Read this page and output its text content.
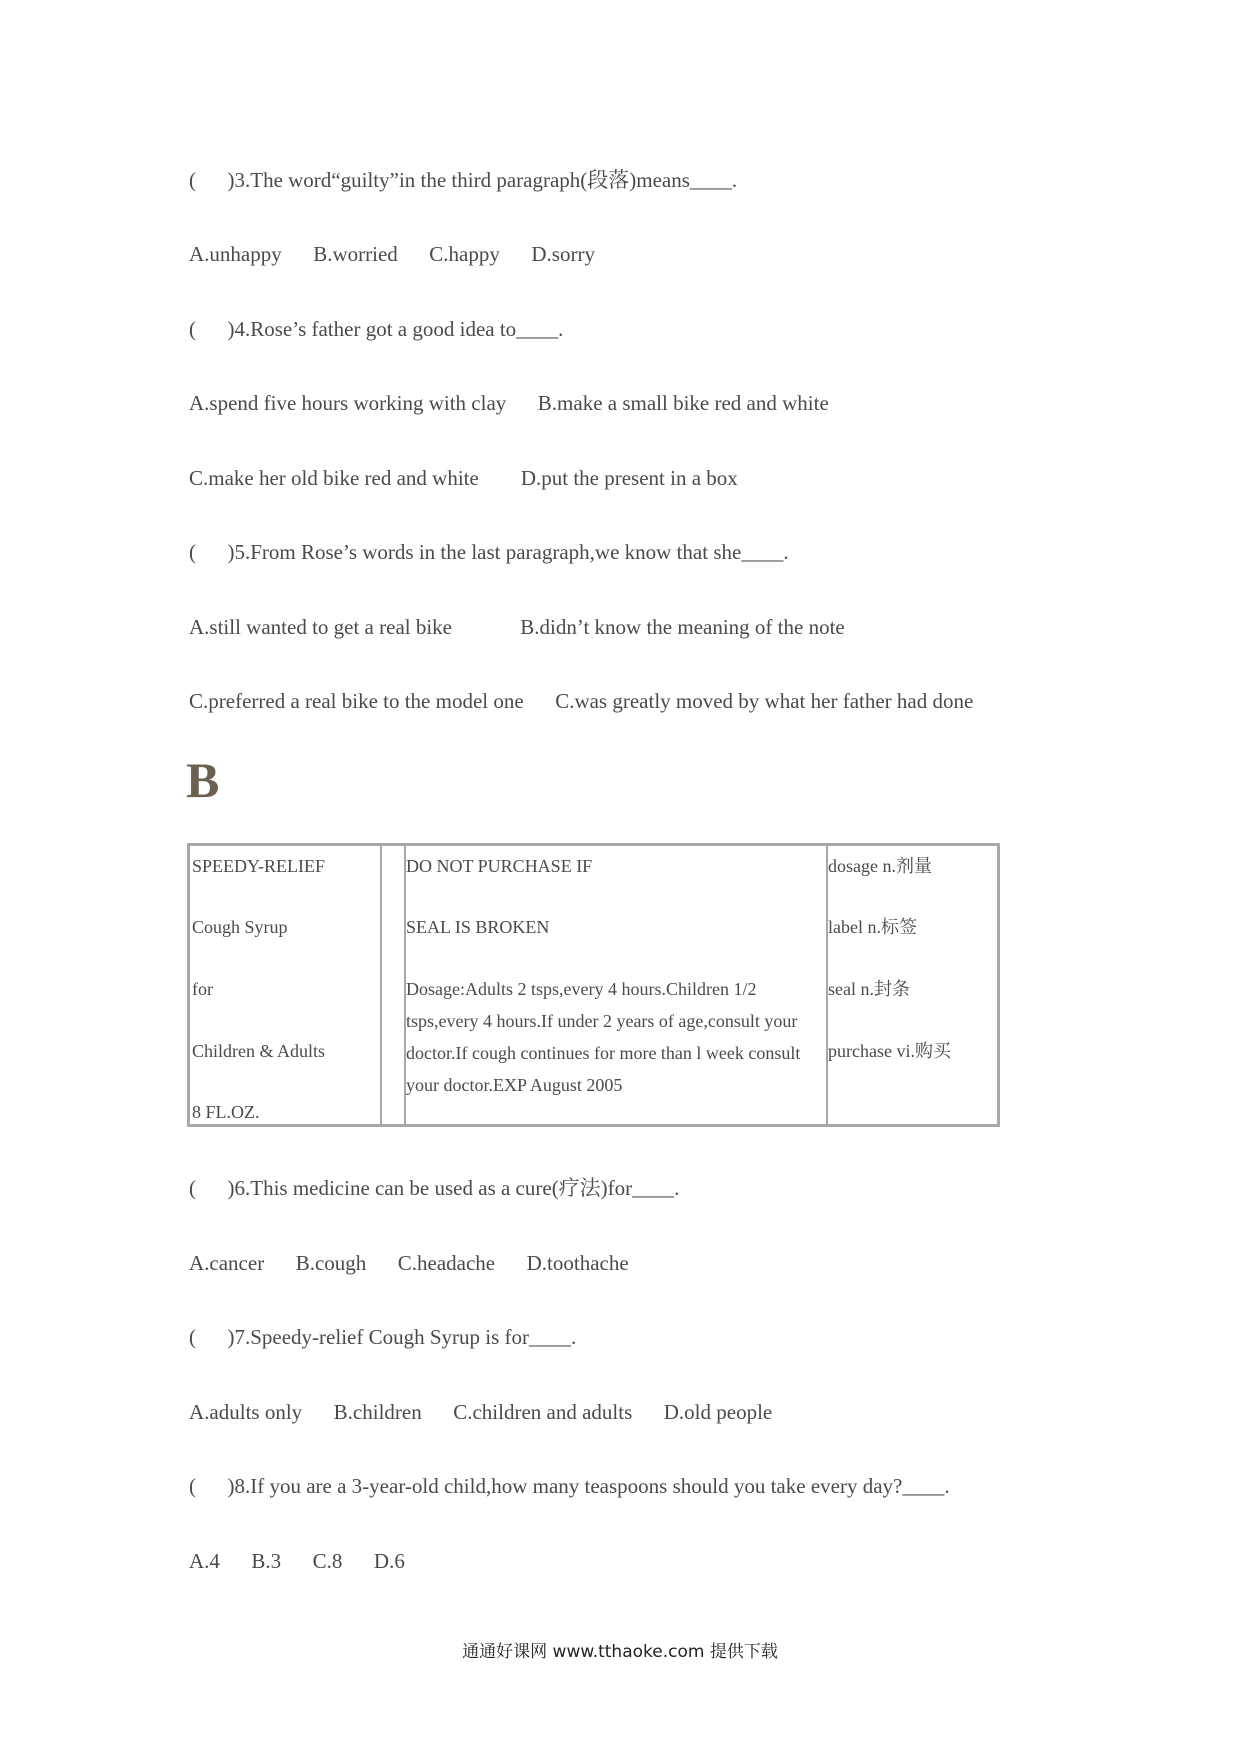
(      )3.The word“guilty”in the third paragraph(段落)means____.
A.unhappy      B.worried      C.happy      D.sorry
(      )4.Rose’s father got a good idea to____.
A.spend five hours working with clay      B.make a small bike red and white
C.make her old bike red and white        D.put the present in a box
(      )5.From Rose’s words in the last paragraph,we know that she____.
A.still wanted to get a real bike             B.didn’t know the meaning of the note
C.preferred a real bike to the model one      C.was greatly moved by what her father had done
B
SPEEDY-RELIEF
Cough Syrup
for
Children & Adults
8 FL.OZ.
DO NOT PURCHASE IF
SEAL IS BROKEN
Dosage:Adults 2 tsps,every 4 hours.Children 1/2 tsps,every 4 hours.If under 2 years of age,consult your doctor.If cough continues for more than l week consult your doctor.EXP August 2005
dosage n.剂量
label n.标签
seal n.封条
purchase vi.购买
(      )6.This medicine can be used as a cure(疗法)for____.
A.cancer      B.cough      C.headache      D.toothache
(      )7.Speedy-relief Cough Syrup is for____.
A.adults only      B.children      C.children and adults      D.old people
(      )8.If you are a 3-year-old child,how many teaspoons should you take every day?____.
A.4      B.3      C.8      D.6
通通好课网 www.tthaoke.com 提供下载
